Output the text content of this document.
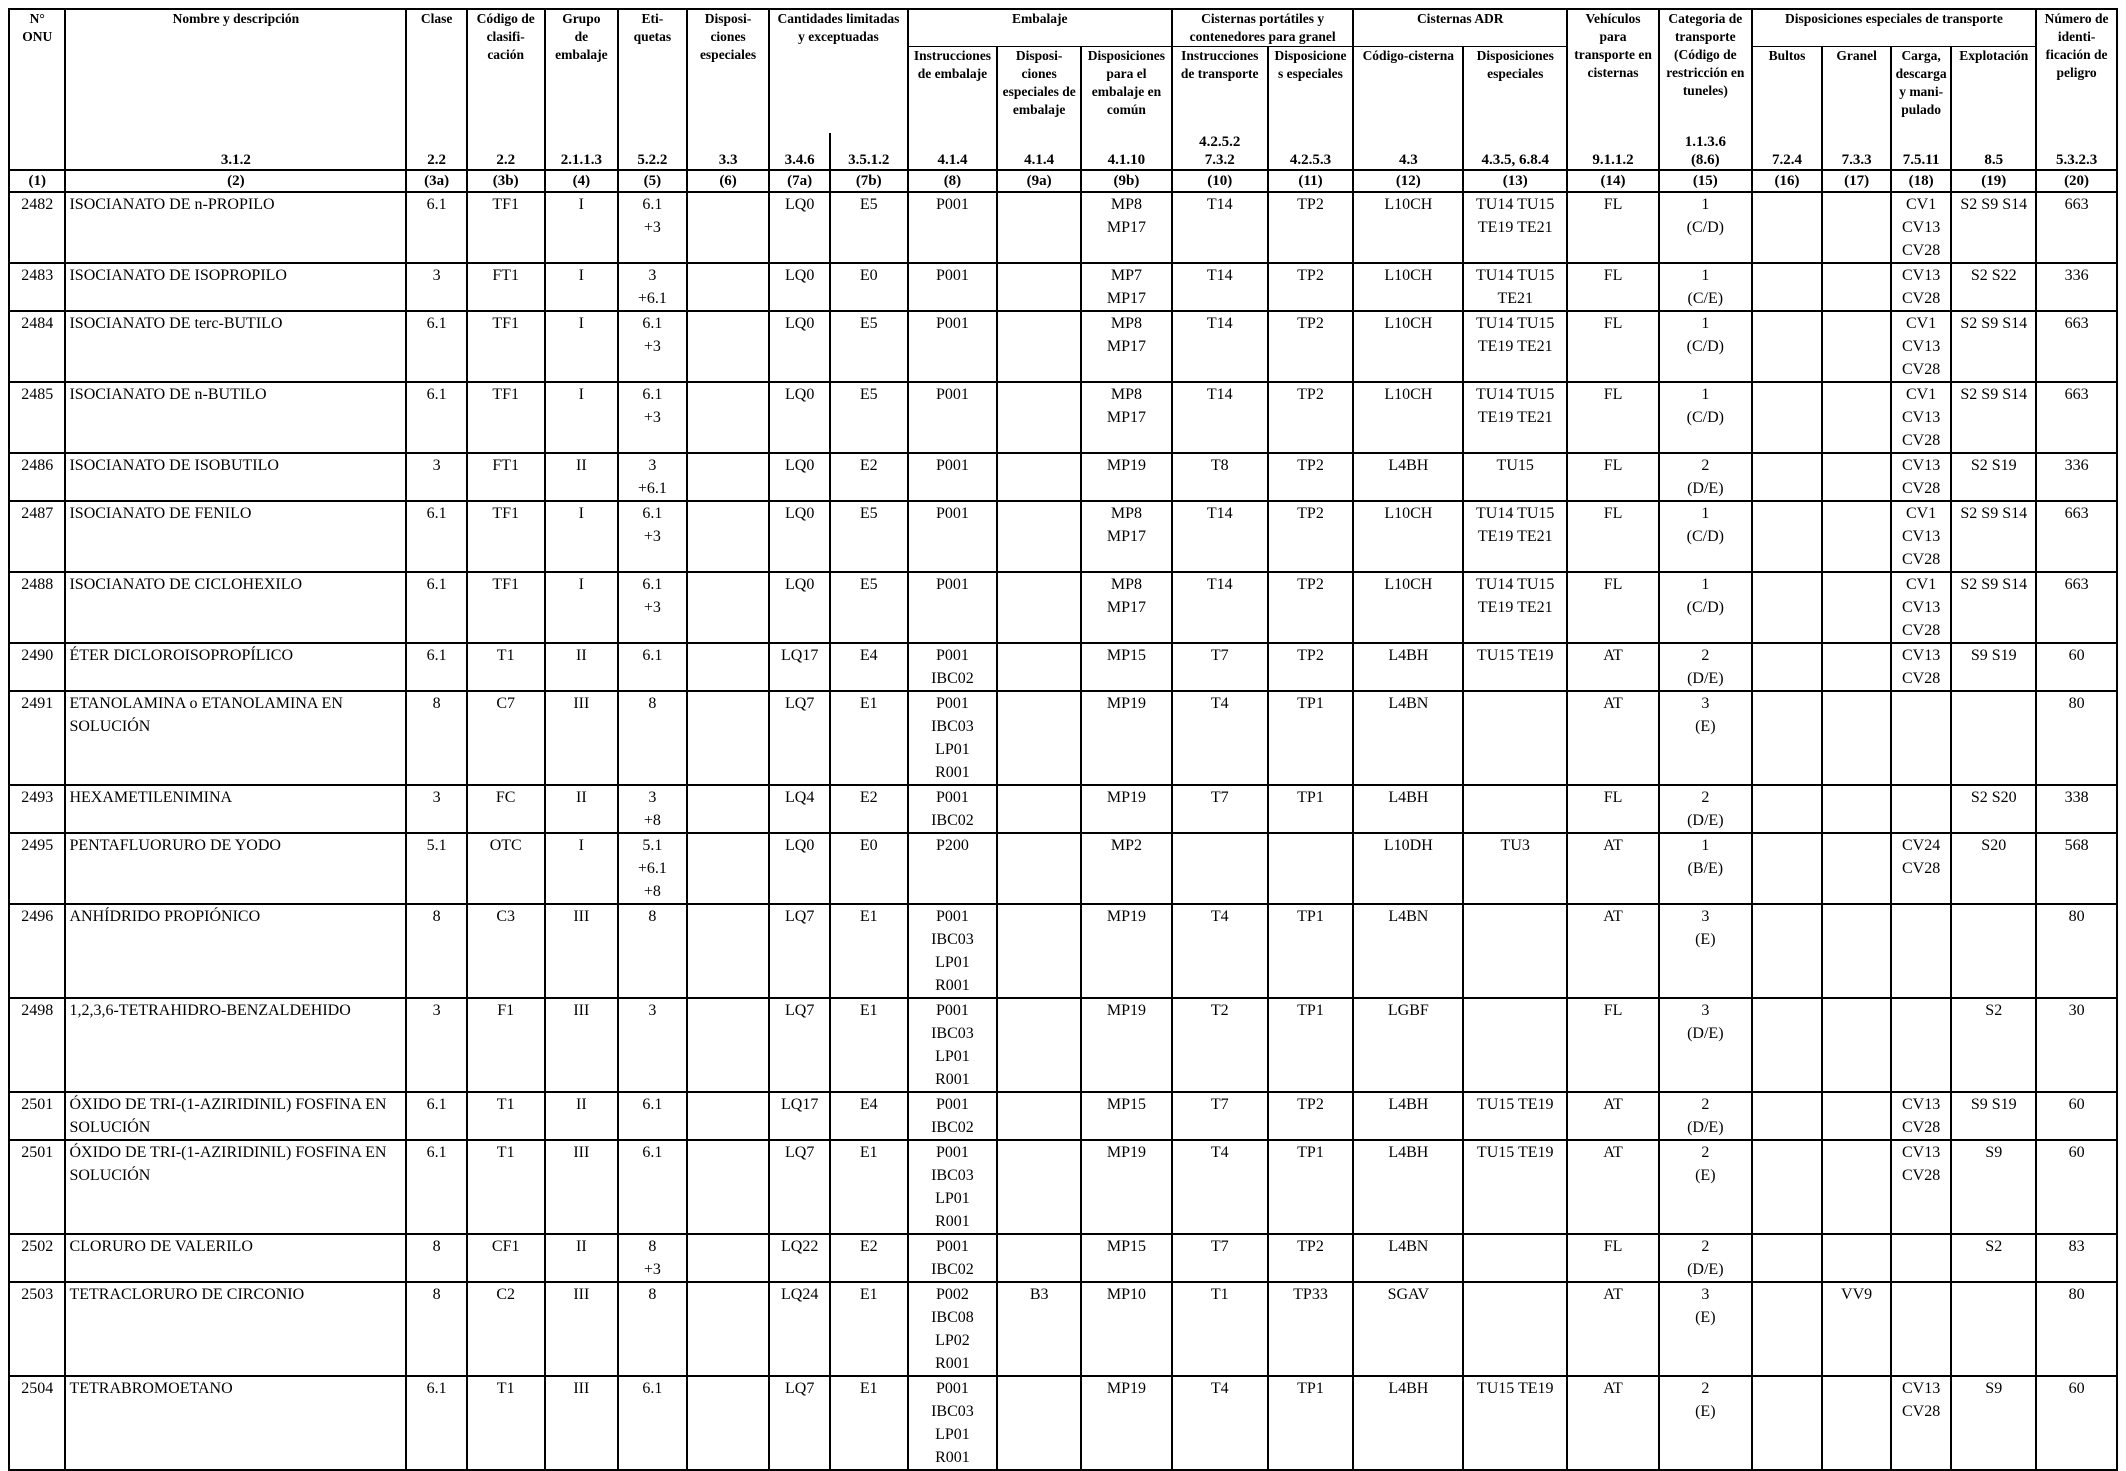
N° ONU	Nombre y descripción	Clase	Código de
clasifi-
cación	Grupo
de
embalaje	Eti-
quetas	Disposi-
ciones
especiales	Cantidades limitadas
y exceptuadas		Embalaje			Cisternas portátiles y
contenedores para granel		Cisternas ADR		Vehículos
para
transporte en
cisternas	Categoria de
transporte
(Código de
restricción en
tuneles)	Disposiciones especiales de transporte				Número de
identi-
ficación de
peligro
									Instrucciones
de embalaje	Disposi-
ciones
especiales de
embalaje	Disposiciones
para el
embalaje en
común	Instrucciones
de transporte	Disposicione
s especiales	Código-cisterna	Disposiciones
especiales			Bultos	Granel	Carga,
descarga
y mani-
pulado	Explotación	
	3.1.2	2.2	2.2	2.1.1.3	5.2.2	3.3	3.4.6	3.5.1.2	4.1.4	4.1.4	4.1.10	4.2.5.2
7.3.2	4.2.5.3	4.3	4.3.5, 6.8.4	9.1.1.2	1.1.3.6
(8.6)	7.2.4	7.3.3	7.5.11	8.5	5.3.2.3
(1)	(2)	(3a)	(3b)	(4)	(5)	(6)	(7a)	(7b)	(8)	(9a)	(9b)	(10)	(11)	(12)	(13)	(14)	(15)	(16)	(17)	(18)	(19)	(20)
2482	ISOCIANATO DE n-PROPILO	6.1	TF1	I	6.1
+3		LQ0	E5	P001		MP8
MP17	T14	TP2	L10CH	TU14 TU15
TE19 TE21	FL	1
(C/D)			CV1
CV13
CV28	S2 S9 S14	663
2483	ISOCIANATO DE ISOPROPILO	3	FT1	I	3
+6.1		LQ0	E0	P001		MP7
MP17	T14	TP2	L10CH	TU14 TU15
TE21	FL	1
(C/E)			CV13
CV28	S2 S22	336
2484	ISOCIANATO DE terc-BUTILO	6.1	TF1	I	6.1
+3		LQ0	E5	P001		MP8
MP17	T14	TP2	L10CH	TU14 TU15
TE19 TE21	FL	1
(C/D)			CV1
CV13
CV28	S2 S9 S14	663
2485	ISOCIANATO DE n-BUTILO	6.1	TF1	I	6.1
+3		LQ0	E5	P001		MP8
MP17	T14	TP2	L10CH	TU14 TU15
TE19 TE21	FL	1
(C/D)			CV1
CV13
CV28	S2 S9 S14	663
2486	ISOCIANATO DE ISOBUTILO	3	FT1	II	3
+6.1		LQ0	E2	P001		MP19	T8	TP2	L4BH	TU15	FL	2
(D/E)			CV13
CV28	S2 S19	336
2487	ISOCIANATO DE FENILO	6.1	TF1	I	6.1
+3		LQ0	E5	P001		MP8
MP17	T14	TP2	L10CH	TU14 TU15
TE19 TE21	FL	1
(C/D)			CV1
CV13
CV28	S2 S9 S14	663
2488	ISOCIANATO DE CICLOHEXILO	6.1	TF1	I	6.1
+3		LQ0	E5	P001		MP8
MP17	T14	TP2	L10CH	TU14 TU15
TE19 TE21	FL	1
(C/D)			CV1
CV13
CV28	S2 S9 S14	663
2490	ÉTER DICLOROISOPROPÍLICO	6.1	T1	II	6.1		LQ17	E4	P001
IBC02		MP15	T7	TP2	L4BH	TU15 TE19	AT	2
(D/E)			CV13
CV28	S9 S19	60
2491	ETANOLAMINA o ETANOLAMINA EN SOLUCIÓN	8	C7	III	8		LQ7	E1	P001
IBC03
LP01
R001		MP19	T4	TP1	L4BN		AT	3
(E)					80
2493	HEXAMETILENIMINA	3	FC	II	3
+8		LQ4	E2	P001
IBC02		MP19	T7	TP1	L4BH		FL	2
(D/E)				S2 S20	338
2495	PENTAFLUORURO DE YODO	5.1	OTC	I	5.1
+6.1
+8		LQ0	E0	P200		MP2			L10DH	TU3	AT	1
(B/E)			CV24
CV28	S20	568
2496	ANHÍDRIDO PROPIÓNICO	8	C3	III	8		LQ7	E1	P001
IBC03
LP01
R001		MP19	T4	TP1	L4BN		AT	3
(E)					80
2498	1,2,3,6-TETRAHIDRO-BENZALDEHIDO	3	F1	III	3		LQ7	E1	P001
IBC03
LP01
R001		MP19	T2	TP1	LGBF		FL	3
(D/E)				S2	30
2501	ÓXIDO DE TRI-(1-AZIRIDINIL) FOSFINA EN SOLUCIÓN	6.1	T1	II	6.1		LQ17	E4	P001
IBC02		MP15	T7	TP2	L4BH	TU15 TE19	AT	2
(D/E)			CV13
CV28	S9 S19	60
2501	ÓXIDO DE TRI-(1-AZIRIDINIL) FOSFINA EN SOLUCIÓN	6.1	T1	III	6.1		LQ7	E1	P001
IBC03
LP01
R001		MP19	T4	TP1	L4BH	TU15 TE19	AT	2
(E)			CV13
CV28	S9	60
2502	CLORURO DE VALERILO	8	CF1	II	8
+3		LQ22	E2	P001
IBC02		MP15	T7	TP2	L4BN		FL	2
(D/E)				S2	83
2503	TETRACLORURO DE CIRCONIO	8	C2	III	8		LQ24	E1	P002
IBC08
LP02
R001	B3	MP10	T1	TP33	SGAV		AT	3
(E)		VV9			80
2504	TETRABROMOETANO	6.1	T1	III	6.1		LQ7	E1	P001
IBC03
LP01
R001		MP19	T4	TP1	L4BH	TU15 TE19	AT	2
(E)			CV13
CV28	S9	60
